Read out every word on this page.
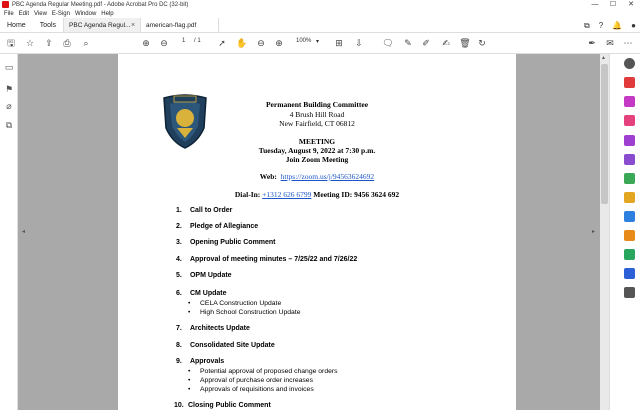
PBC Agenda Regular Meeting.pdf - Adobe Acrobat Pro DC (32-bit)	—	☐	✕
File Edit View E-Sign Window Help
Home	Tools	PBC Agenda Regul... × american-flag.pdf	⧉ ? 🔔 ●
🖫 ☆ ⇪ ⎙	⌕	⊕ ⊖	1 / 1 ➚ ✋ ⊖ ⊕	100% ▾	⊞	⇩ 🗨 ✎ ✐ ✍ 🗑 ↻	✒ ✉ ⋯
▭
⚑
⌀
⧉
Permanent Building Committee
4 Brush Hill Road
New Fairfield, CT 06812
MEETING
Tuesday, August 9, 2022 at 7:30 p.m.
Join Zoom Meeting
Web: https://zoom.us/j/94563624692
Dial-In: +1312 626 6799 Meeting ID: 9456 3624 692
1. Call to Order
2. Pledge of Allegiance
3. Opening Public Comment
4. Approval of meeting minutes – 7/25/22 and 7/26/22
5. OPM Update
6. CM Update
• CELA Construction Update
• High School Construction Update
7. Architects Update
8. Consolidated Site Update
9. Approvals
• Potential approval of proposed change orders
• Approval of purchase order increases
• Approvals of requisitions and invoices
10. Closing Public Comment
◂	▸
▲
